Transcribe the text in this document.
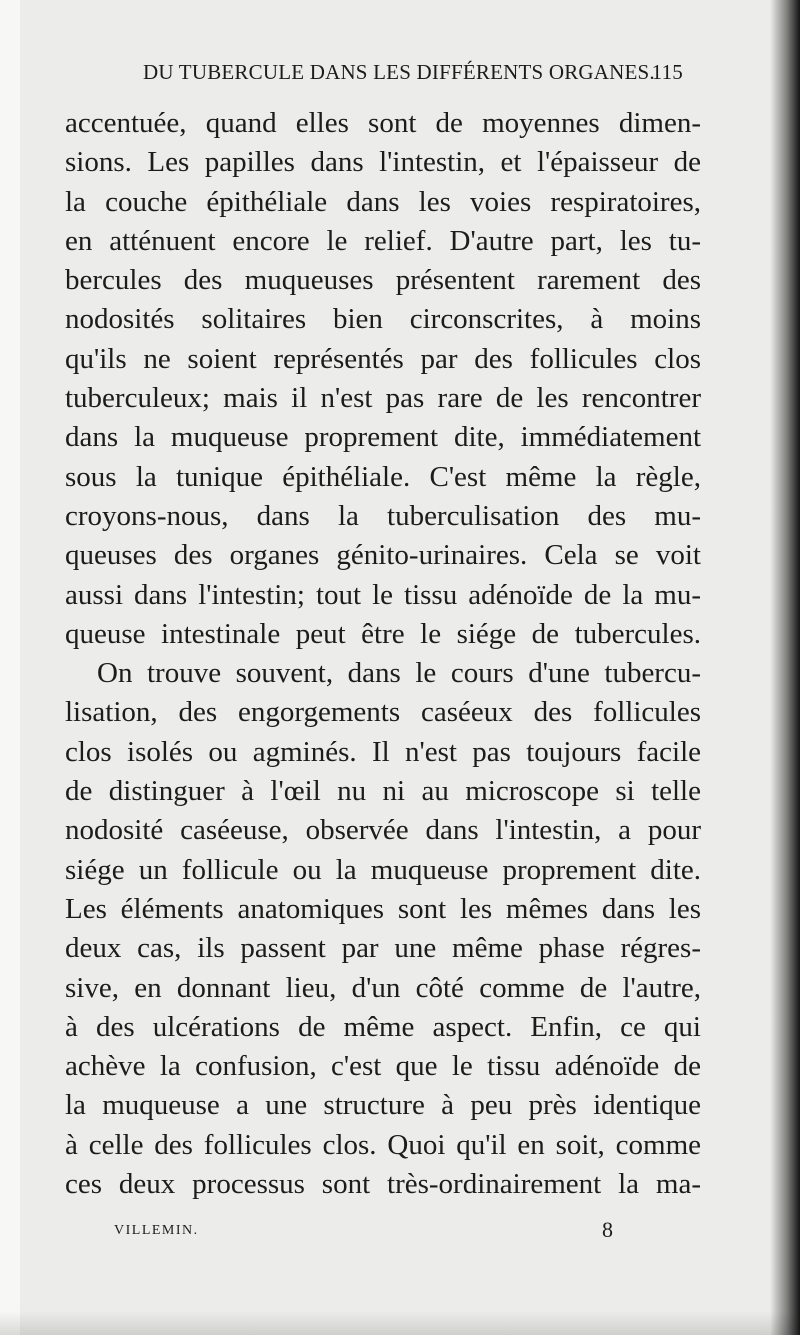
DU TUBERCULE DANS LES DIFFÉRENTS ORGANES.
115
accentuée, quand elles sont de moyennes dimen-
sions. Les papilles dans l'intestin, et l'épaisseur de
la couche épithéliale dans les voies respiratoires,
en atténuent encore le relief. D'autre part, les tu-
bercules des muqueuses présentent rarement des
nodosités solitaires bien circonscrites, à moins
qu'ils ne soient représentés par des follicules clos
tuberculeux; mais il n'est pas rare de les rencontrer
dans la muqueuse proprement dite, immédiatement
sous la tunique épithéliale. C'est même la règle,
croyons-nous, dans la tuberculisation des mu-
queuses des organes génito-urinaires. Cela se voit
aussi dans l'intestin; tout le tissu adénoïde de la mu-
queuse intestinale peut être le siége de tubercules.
On trouve souvent, dans le cours d'une tubercu-
lisation, des engorgements caséeux des follicules
clos isolés ou agminés. Il n'est pas toujours facile
de distinguer à l'œil nu ni au microscope si telle
nodosité caséeuse, observée dans l'intestin, a pour
siége un follicule ou la muqueuse proprement dite.
Les éléments anatomiques sont les mêmes dans les
deux cas, ils passent par une même phase régres-
sive, en donnant lieu, d'un côté comme de l'autre,
à des ulcérations de même aspect. Enfin, ce qui
achève la confusion, c'est que le tissu adénoïde de
la muqueuse a une structure à peu près identique
à celle des follicules clos. Quoi qu'il en soit, comme
ces deux processus sont très-ordinairement la ma-
VILLEMIN.	8
